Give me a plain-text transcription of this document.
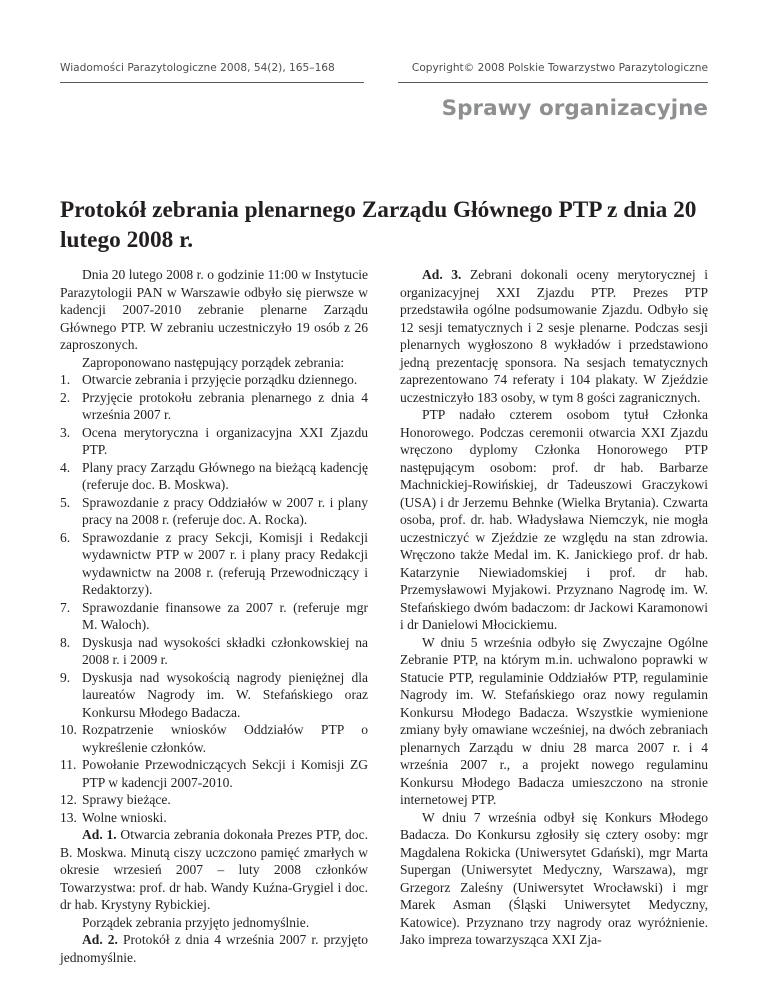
Wiadomości Parazytologiczne 2008, 54(2), 165–168	Copyright© 2008 Polskie Towarzystwo Parazytologiczne
Sprawy organizacyjne
Protokół zebrania plenarnego Zarządu Głównego PTP z dnia 20 lutego 2008 r.

Dnia 20 lutego 2008 r. o godzinie 11:00 w Instytucie Parazytologii PAN w Warszawie odbyło się pierwsze w kadencji 2007-2010 zebranie plenarne Zarządu Głównego PTP. W zebraniu uczestniczyło 19 osób z 26 zaproszonych.

Zaproponowano następujący porządek zebrania:

1. Otwarcie zebrania i przyjęcie porządku dziennego.

2. Przyjęcie protokołu zebrania plenarnego z dnia 4 września 2007 r.

3. Ocena merytoryczna i organizacyjna XXI Zjazdu PTP.

4. Plany pracy Zarządu Głównego na bieżącą kadencję (referuje doc. B. Moskwa).

5. Sprawozdanie z pracy Oddziałów w 2007 r. i plany pracy na 2008 r. (referuje doc. A. Rocka).

6. Sprawozdanie z pracy Sekcji, Komisji i Redakcji wydawnictw PTP w 2007 r. i plany pracy Redakcji wydawnictw na 2008 r. (referują Przewodniczący i Redaktorzy).

7. Sprawozdanie finansowe za 2007 r. (referuje mgr M. Waloch).

8. Dyskusja nad wysokości składki członkowskiej na 2008 r. i 2009 r.

9. Dyskusja nad wysokością nagrody pieniężnej dla laureatów Nagrody im. W. Stefańskiego oraz Konkursu Młodego Badacza.

10. Rozpatrzenie wniosków Oddziałów PTP o wykreślenie członków.

11. Powołanie Przewodniczących Sekcji i Komisji ZG PTP w kadencji 2007-2010.

12. Sprawy bieżące.

13. Wolne wnioski.

Ad. 1. Otwarcia zebrania dokonała Prezes PTP, doc. B. Moskwa. Minutą ciszy uczczono pamięć zmarłych w okresie wrzesień 2007 – luty 2008 członków Towarzystwa: prof. dr hab. Wandy Kuźna-Grygiel i doc. dr hab. Krystyny Rybickiej.

Porządek zebrania przyjęto jednomyślnie.

Ad. 2. Protokół z dnia 4 września 2007 r. przyjęto jednomyślnie.

Ad. 3. Zebrani dokonali oceny merytorycznej i organizacyjnej XXI Zjazdu PTP. Prezes PTP przedstawiła ogólne podsumowanie Zjazdu. Odbyło się 12 sesji tematycznych i 2 sesje plenarne. Podczas sesji plenarnych wygłoszono 8 wykładów i przedstawiono jedną prezentację sponsora. Na sesjach tematycznych zaprezentowano 74 referaty i 104 plakaty. W Zjeździe uczestniczyło 183 osoby, w tym 8 gości zagranicznych.

PTP nadało czterem osobom tytuł Członka Honorowego. Podczas ceremonii otwarcia XXI Zjazdu wręczono dyplomy Członka Honorowego PTP następującym osobom: prof. dr hab. Barbarze Machnickiej-Rowińskiej, dr Tadeuszowi Graczykowi (USA) i dr Jerzemu Behnke (Wielka Brytania). Czwarta osoba, prof. dr. hab. Władysława Niemczyk, nie mogła uczestniczyć w Zjeździe ze względu na stan zdrowia. Wręczono także Medal im. K. Janickiego prof. dr hab. Katarzynie Niewiadomskiej i prof. dr hab. Przemysławowi Myjakowi. Przyznano Nagrodę im. W. Stefańskiego dwóm badaczom: dr Jackowi Karamonowi i dr Danielowi Młocickiemu.

W dniu 5 września odbyło się Zwyczajne Ogólne Zebranie PTP, na którym m.in. uchwalono poprawki w Statucie PTP, regulaminie Oddziałów PTP, regulaminie Nagrody im. W. Stefańskiego oraz nowy regulamin Konkursu Młodego Badacza. Wszystkie wymienione zmiany były omawiane wcześniej, na dwóch zebraniach plenarnych Zarządu w dniu 28 marca 2007 r. i 4 września 2007 r., a projekt nowego regulaminu Konkursu Młodego Badacza umieszczono na stronie internetowej PTP.

W dniu 7 września odbył się Konkurs Młodego Badacza. Do Konkursu zgłosiły się cztery osoby: mgr Magdalena Rokicka (Uniwersytet Gdański), mgr Marta Supergan (Uniwersytet Medyczny, Warszawa), mgr Grzegorz Zaleśny (Uniwersytet Wrocławski) i mgr Marek Asman (Śląski Uniwersytet Medyczny, Katowice). Przyznano trzy nagrody oraz wyróżnienie. Jako impreza towarzysząca XXI Zja-
